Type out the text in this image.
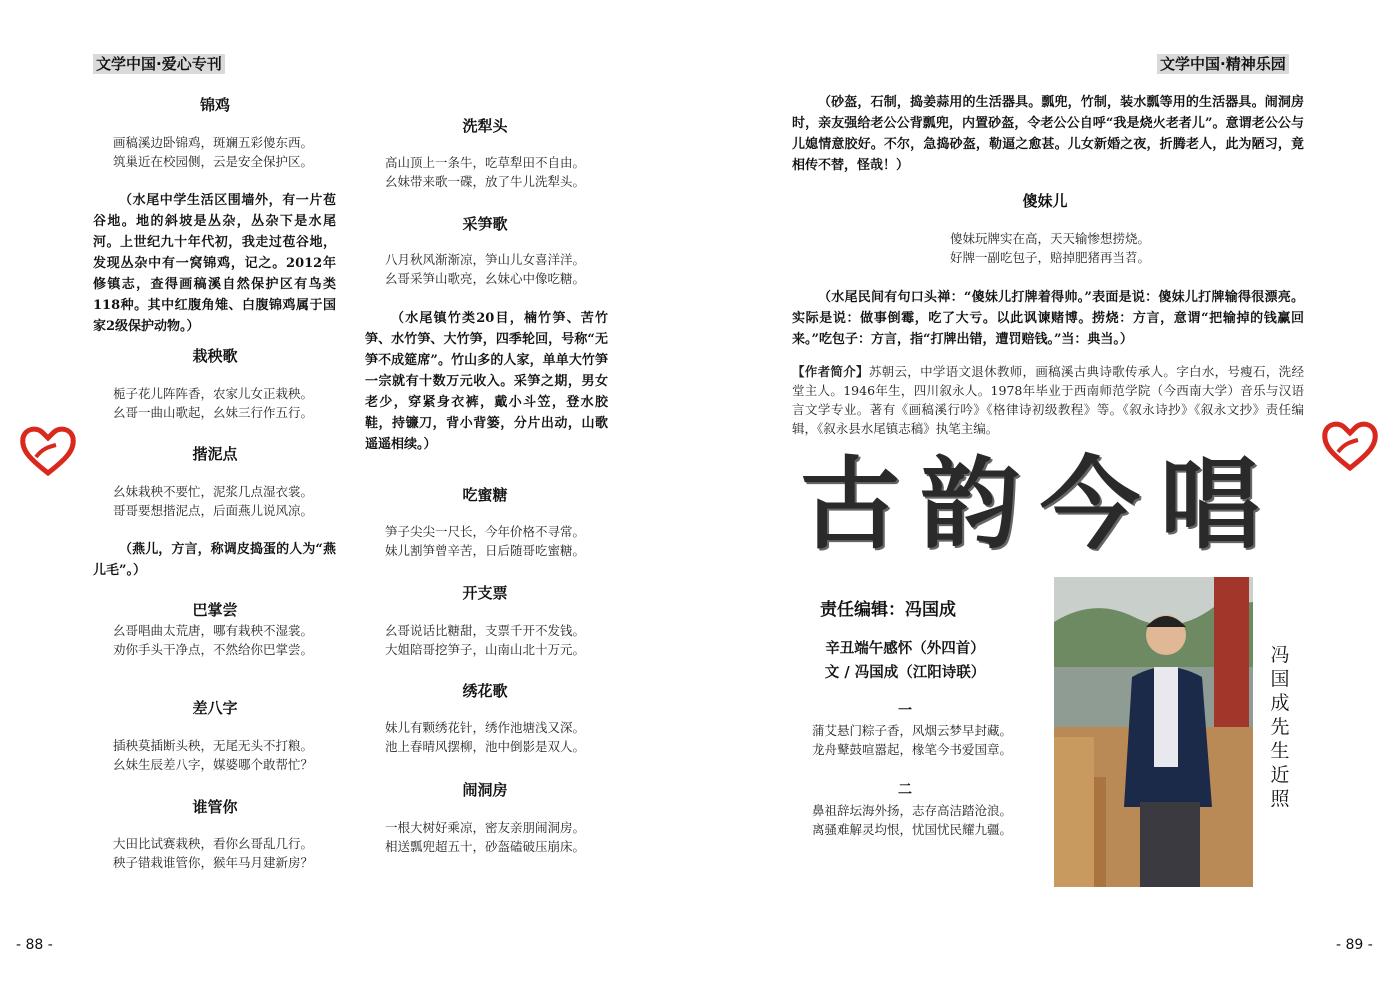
文学中国·爱心专刊
锦鸡
画稿溪边卧锦鸡，斑斓五彩傻东西。
筑巢近在校园侧，云是安全保护区。
（水尾中学生活区围墙外，有一片苞谷地。地的斜坡是丛杂，丛杂下是水尾河。上世纪九十年代初，我走过苞谷地，发现丛杂中有一窝锦鸡，记之。2012年修镇志，查得画稿溪自然保护区有鸟类118种。其中红腹角雉、白腹锦鸡属于国家2级保护动物。）
栽秧歌
栀子花儿阵阵香，农家儿女正栽秧。
幺哥一曲山歌起，幺妹三行作五行。
揩泥点
幺妹栽秧不要忙，泥浆几点湿衣裳。
哥哥要想揩泥点，后面燕儿说风凉。
（燕儿，方言，称调皮捣蛋的人为“燕儿毛”。）
巴掌尝
幺哥唱曲太荒唐，哪有栽秧不湿裳。
劝你手头干净点，不然给你巴掌尝。
差八字
插秧莫插断头秧，无尾无头不打粮。
幺妹生辰差八字，媒婆哪个敢帮忙？
谁管你
大田比试赛栽秧，看你幺哥乱几行。
秧子错栽谁管你，猴年马月建新房？
洗犁头
高山顶上一条牛，吃草犁田不自由。
幺妹带来歌一碟，放了牛儿洗犁头。
采笋歌
八月秋风渐渐凉，笋山儿女喜洋洋。
幺哥采笋山歌亮，幺妹心中像吃糖。
（水尾镇竹类20目，楠竹笋、苦竹笋、水竹笋、大竹笋，四季轮回，号称“无笋不成筵席”。竹山多的人家，单单大竹笋一宗就有十数万元收入。采笋之期，男女老少，穿紧身衣裤，戴小斗笠，登水胶鞋，持镰刀，背小背篓，分片出动，山歌遥遥相续。）
吃蜜糖
笋子尖尖一尺长，今年价格不寻常。
妹儿割笋曾辛苦，日后随哥吃蜜糖。
开支票
幺哥说话比糖甜，支票千开不发钱。
大姐陪哥挖笋子，山南山北十万元。
绣花歌
妹儿有颗绣花针，绣作池塘浅又深。
池上春晴风摆柳，池中倒影是双人。
闹洞房
一根大树好乘凉，密友亲朋闹洞房。
相送瓢兜超五十，砂盔磕破压崩床。
- 88 -
文学中国·精神乐园
（砂盔，石制，捣姜蒜用的生活器具。瓢兜，竹制，装水瓢等用的生活器具。闹洞房时，亲友强给老公公背瓢兜，内置砂盔，令老公公自呼“我是烧火老者儿”。意谓老公公与儿媳情意胶好。不尔，急捣砂盔，勒逼之愈甚。儿女新婚之夜，折腾老人，此为陋习，竟相传不替，怪哉！）
傻妹儿
傻妹玩牌实在高，天天输惨想捞烧。
好牌一副吃包子，赔掉肥猪再当苕。
（水尾民间有句口头禅：“傻妹儿打牌着得帅。”表面是说：傻妹儿打牌输得很漂亮。实际是说：做事倒霉，吃了大亏。以此讽谏赌博。捞烧：方言，意谓“把输掉的钱赢回来。”吃包子：方言，指“打牌出错，遭罚赔钱。”当：典当。）
【作者简介】苏朝云，中学语文退休教师，画稿溪古典诗歌传承人。字白水，号瘦石，洗经堂主人。1946年生，四川叙永人。1978年毕业于西南师范学院（今西南大学）音乐与汉语言文学专业。著有《画稿溪行吟》《格律诗初级教程》等。《叙永诗抄》《叙永文抄》责任编辑，《叙永县水尾镇志稿》执笔主编。
古韵今唱
责任编辑：冯国成
辛丑端午感怀（外四首）
文 / 冯国成（江阳诗联）
一
蒲艾悬门粽子香，风烟云梦早封藏。
龙舟鼙鼓喧嚣起，椽笔今书爱国章。
二
鼻祖辞坛海外扬，志存高洁踏沧浪。
离骚难解灵均恨，忧国忧民耀九疆。
冯国成先生近照
- 89 -
